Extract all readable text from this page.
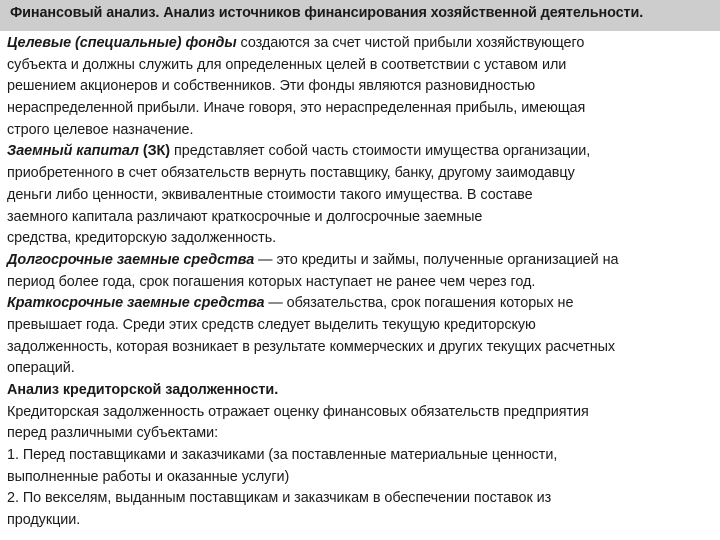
Финансовый анализ. Анализ источников финансирования хозяйственной деятельности.
Целевые (специальные) фонды создаются за счет чистой прибыли хозяйствующего
субъекта и должны служить для определенных целей в соответствии с уставом или
решением акционеров и собственников. Эти фонды являются разновидностью
нераспределенной прибыли. Иначе говоря, это нераспределенная прибыль, имеющая
строго целевое назначение.
Заемный капитал (ЗК) представляет собой часть стоимости имущества организации,
приобретенного в счет обязательств вернуть поставщику, банку, другому заимодавцу
деньги либо ценности, эквивалентные стоимости такого имущества. В составе
заемного капитала различают краткосрочные и долгосрочные заемные
средства, кредиторскую задолженность.
Долгосрочные заемные средства — это кредиты и займы, полученные организацией на
период более года, срок погашения которых наступает не ранее чем через год.
Краткосрочные заемные средства — обязательства, срок погашения которых не
превышает года. Среди этих средств следует выделить текущую кредиторскую
задолженность, которая возникает в результате коммерческих и других текущих расчетных
операций.
Анализ кредиторской задолженности.
Кредиторская задолженность отражает оценку финансовых обязательств предприятия
перед различными субъектами:
1. Перед поставщиками и заказчиками (за поставленные материальные ценности,
выполненные работы и оказанные услуги)
2. По векселям, выданным поставщикам и заказчикам в обеспечении поставок из
продукции.
